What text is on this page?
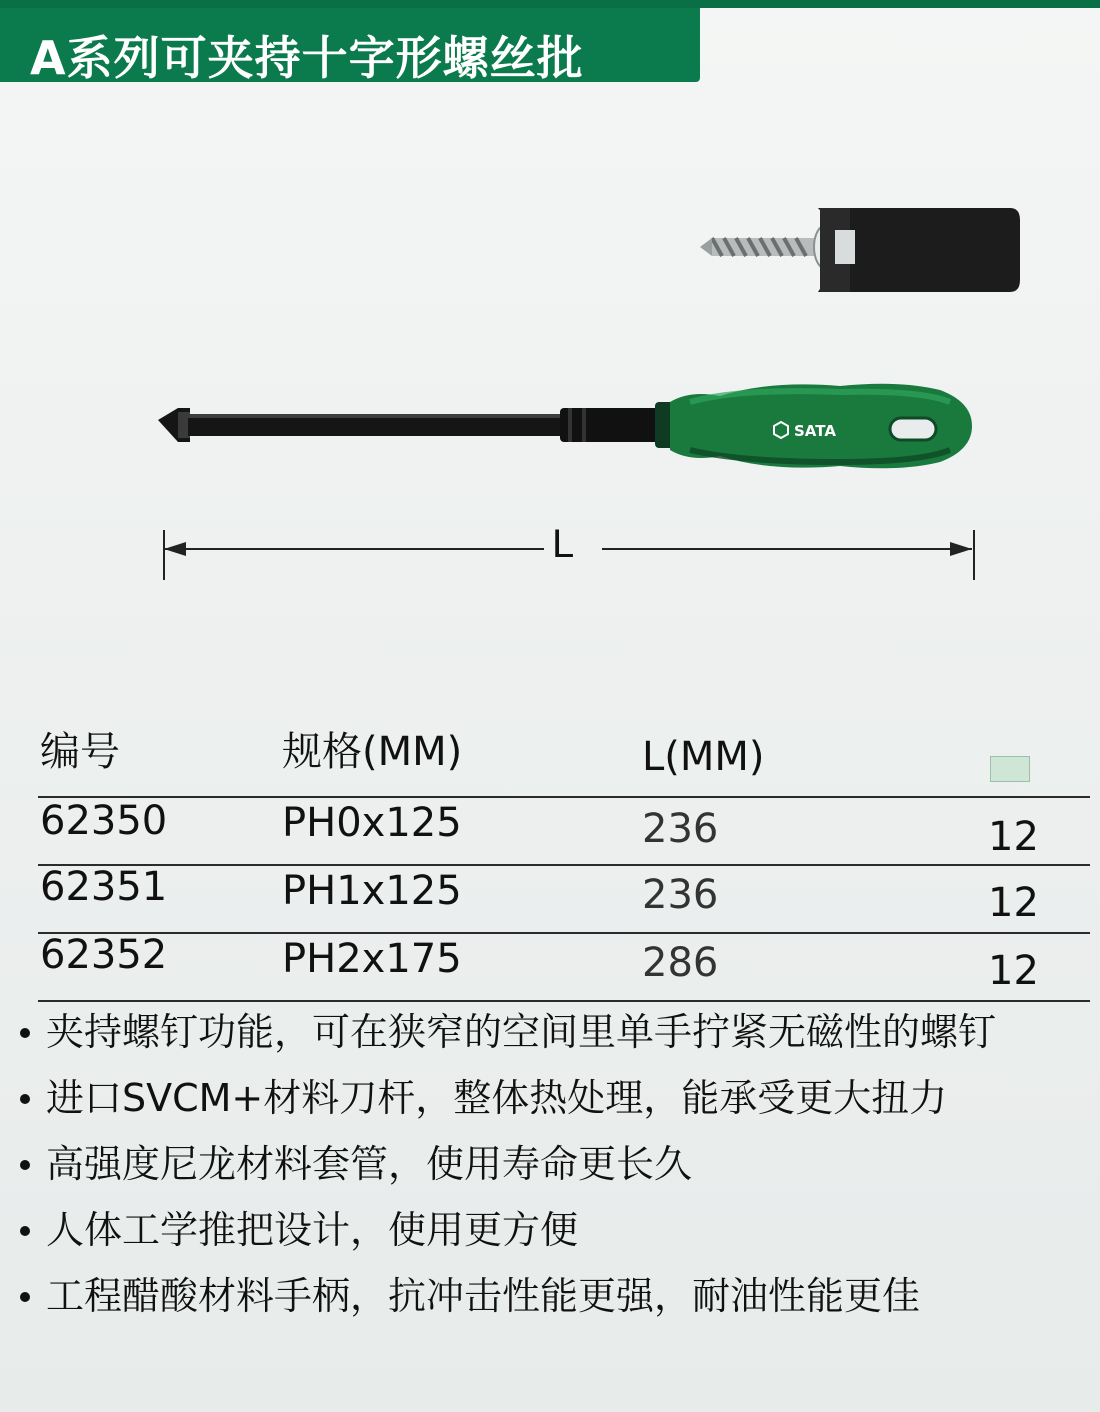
A系列可夹持十字形螺丝批
SATA
L
编号	规格(MM)	L(MM)
62350	PH0x125	236	12
62351	PH1x125	236	12
62352	PH2x175	286	12
夹持螺钉功能，可在狭窄的空间里单手拧紧无磁性的螺钉
进口SVCM+材料刀杆，整体热处理，能承受更大扭力
高强度尼龙材料套管，使用寿命更长久
人体工学推把设计，使用更方便
工程醋酸材料手柄，抗冲击性能更强，耐油性能更佳
